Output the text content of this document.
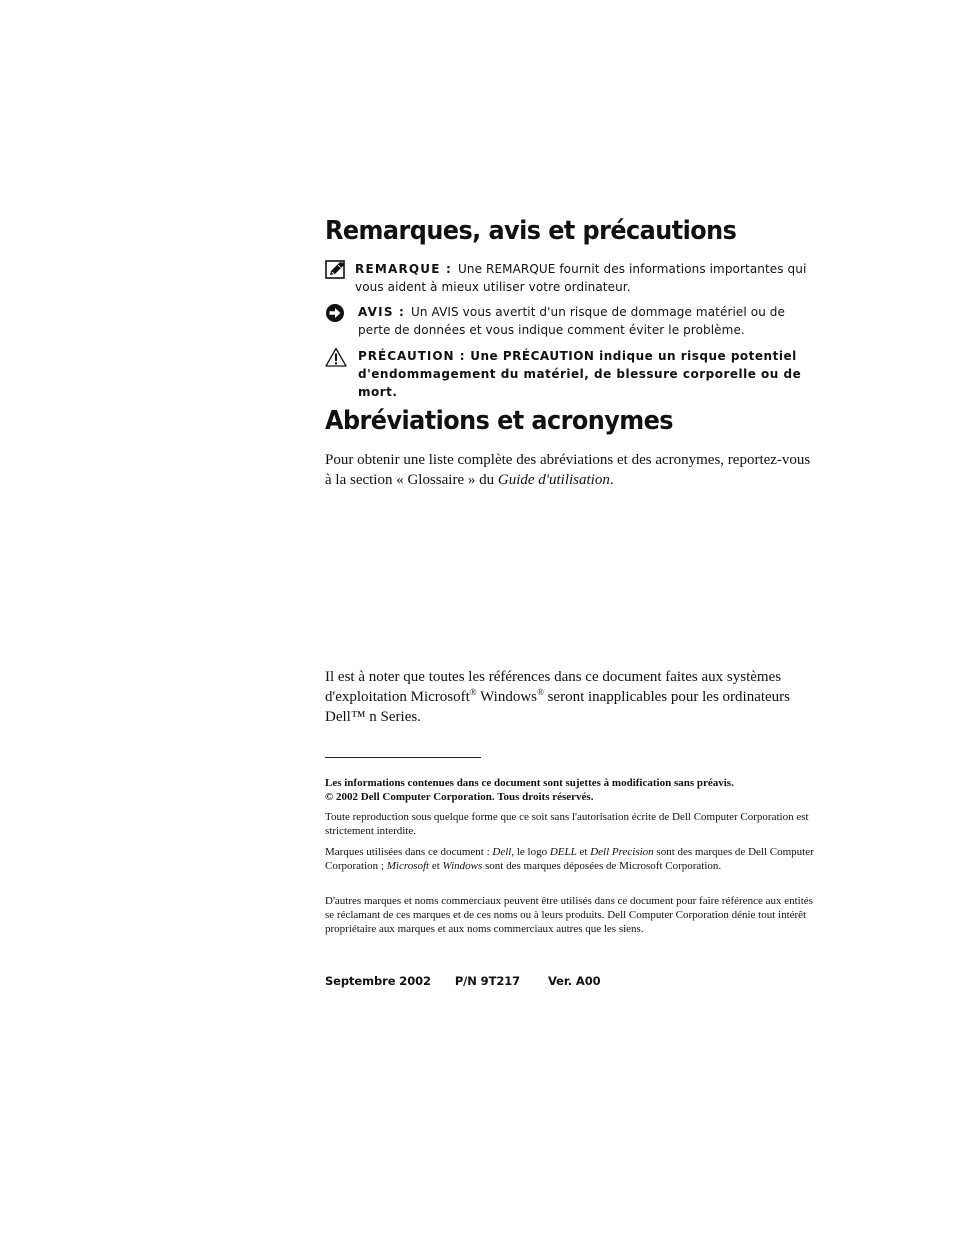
Remarques, avis et précautions
REMARQUE : Une REMARQUE fournit des informations importantes qui vous aident à mieux utiliser votre ordinateur.
AVIS : Un AVIS vous avertit d'un risque de dommage matériel ou de perte de données et vous indique comment éviter le problème.
PRÉCAUTION : Une PRÉCAUTION indique un risque potentiel d'endommagement du matériel, de blessure corporelle ou de mort.
Abréviations et acronymes

Pour obtenir une liste complète des abréviations et des acronymes, reportez-vous à la section « Glossaire » du Guide d'utilisation.

Il est à noter que toutes les références dans ce document faites aux systèmes d'exploitation Microsoft® Windows® seront inapplicables pour les ordinateurs Dell™ n Series.

Les informations contenues dans ce document sont sujettes à modification sans préavis.
© 2002 Dell Computer Corporation. Tous droits réservés.

Toute reproduction sous quelque forme que ce soit sans l'autorisation écrite de Dell Computer Corporation est strictement interdite.

Marques utilisées dans ce document : Dell, le logo DELL et Dell Precision sont des marques de Dell Computer Corporation ; Microsoft et Windows sont des marques déposées de Microsoft Corporation.

D'autres marques et noms commerciaux peuvent être utilisés dans ce document pour faire référence aux entités se réclamant de ces marques et de ces noms ou à leurs produits. Dell Computer Corporation dénie tout intérêt propriétaire aux marques et aux noms commerciaux autres que les siens.

Septembre 2002 P/N 9T217 Ver. A00
